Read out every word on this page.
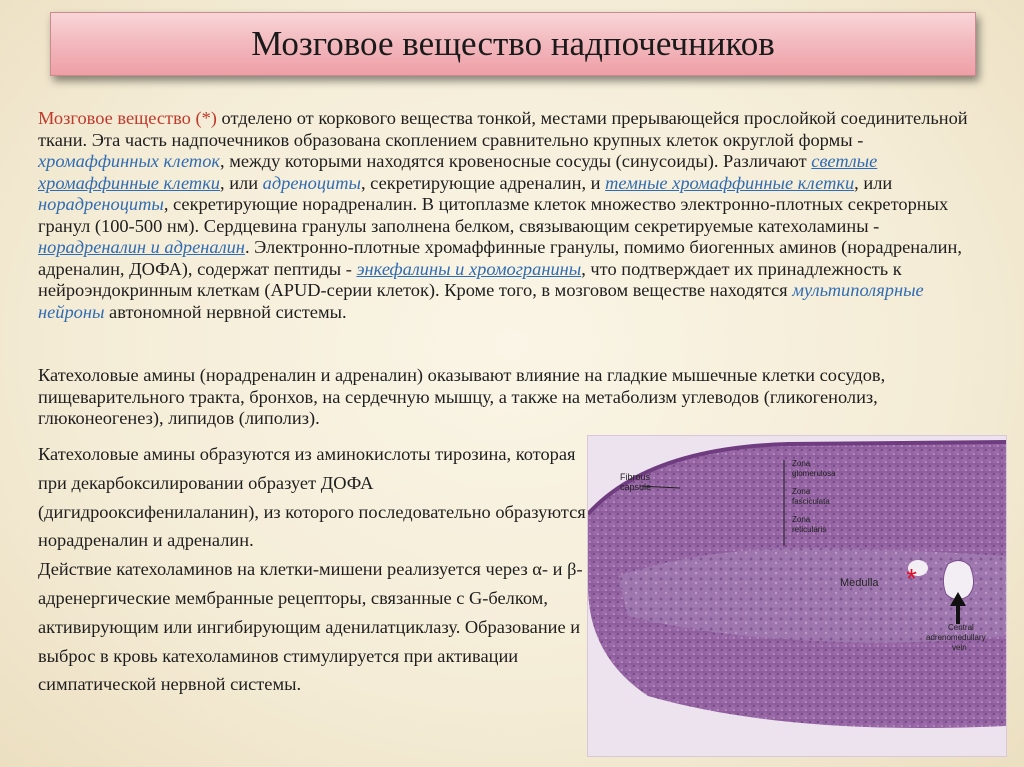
Мозговое вещество надпочечников

Мозговое вещество (*) отделено от коркового вещества тонкой, местами прерывающейся прослойкой соединительной ткани. Эта часть надпочечников образована скоплением сравнительно крупных клеток округлой формы - хромаффинных клеток, между которыми находятся кровеносные сосуды (синусоиды). Различают светлые хромаффинные клетки, или адреноциты, секретирующие адреналин, и темные хромаффинные клетки, или норадреноциты, секретирующие норадреналин. В цитоплазме клеток множество электронно-плотных секреторных гранул (100-500 нм). Сердцевина гранулы заполнена белком, связывающим секретируемые катехоламины - норадреналин и адреналин. Электронно-плотные хромаффинные гранулы, помимо биогенных аминов (норадреналин, адреналин, ДОФА), содержат пептиды - энкефалины и хромогранины, что подтверждает их принадлежность к нейроэндокринным клеткам (APUD-серии клеток). Кроме того, в мозговом веществе находятся мультиполярные нейроны автономной нервной системы.

Катехоловые амины (норадреналин и адреналин) оказывают влияние на гладкие мышечные клетки сосудов, пищеварительного тракта, бронхов, на сердечную мышцу, а также на метаболизм углеводов (гликогенолиз, глюконеогенез), липидов (липолиз).

Катехоловые амины образуются из аминокислоты тирозина, которая при декарбоксилировании образует ДОФА (дигидрооксифенилаланин), из которого последовательно образуются норадреналин и адреналин.
Действие катехоламинов на клетки-мишени реализуется через α- и β-адренергические мембранные рецепторы, связанные с G-белком, активирующим или ингибирующим аденилатциклазу. Образование и выброс в кровь катехоламинов стимулируется при активации симпатической нервной системы.
Fibrous
capsule
Zona
glomerulosa
Zona
fasciculata
Zona
reticularis
Medulla *
Central
adrenomedullary
vein
